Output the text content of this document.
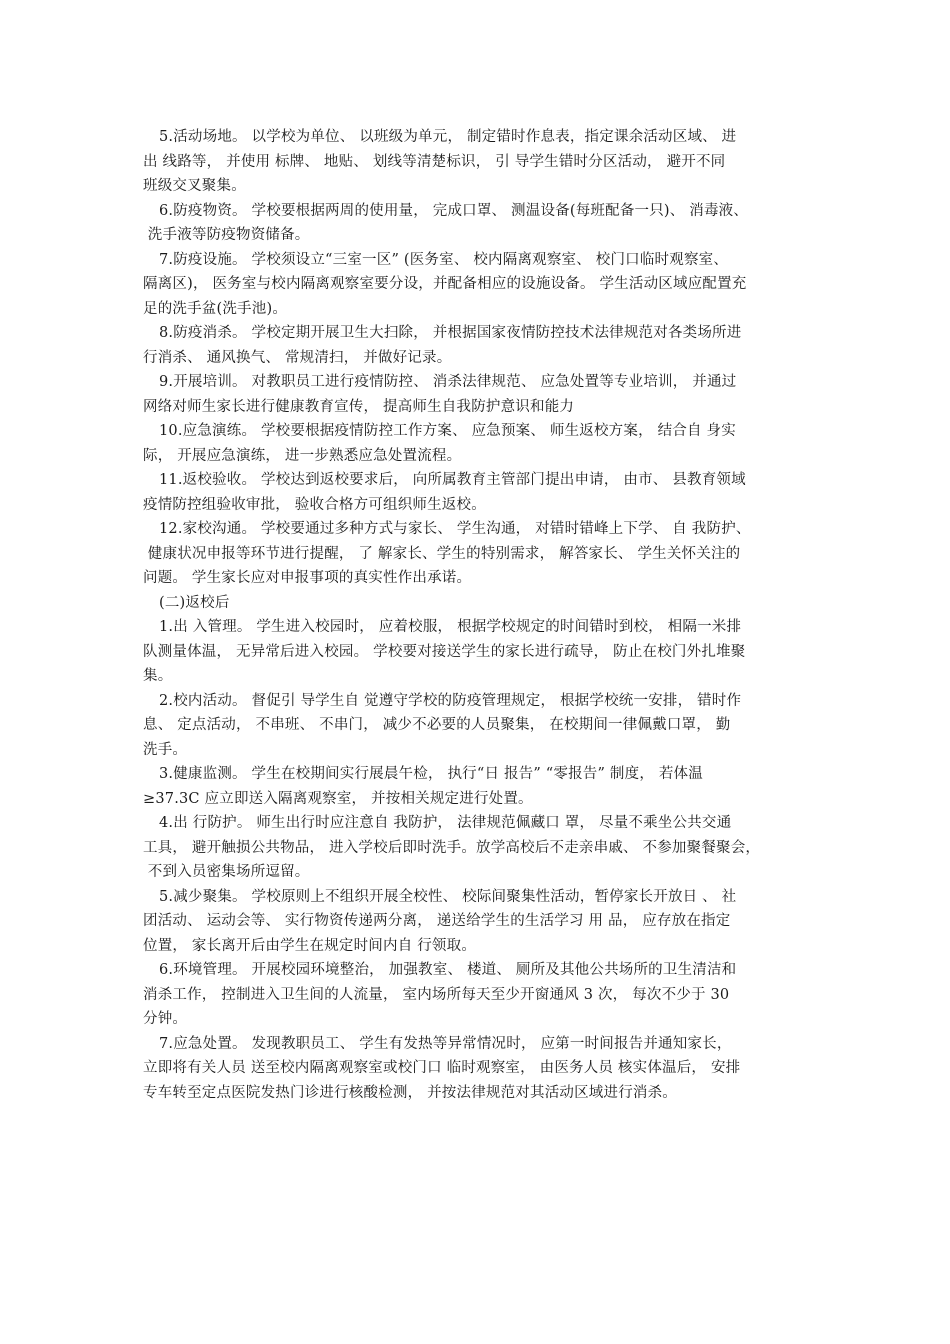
5.活动场地。 以学校为单位、 以班级为单元， 制定错时作息表，指定课余活动区域、 进
出 线路等， 并使用 标牌、 地贴、 划线等清楚标识， 引 导学生错时分区活动， 避开不同
班级交叉聚集。
6.防疫物资。 学校要根据两周的使用量， 完成口罩、 测温设备(每班配备一只)、 消毒液、
洗手液等防疫物资储备。
7.防疫设施。 学校须设立“三室一区” (医务室、 校内隔离观察室、 校门口临时观察室、
隔离区)， 医务室与校内隔离观察室要分设，并配备相应的设施设备。 学生活动区域应配置充
足的洗手盆(洗手池)。
8.防疫消杀。 学校定期开展卫生大扫除， 并根据国家夜情防控技术法律规范对各类场所进
行消杀、 通风换气、 常规清扫， 并做好记录。
9.开展培训。 对教职员工进行疫情防控、 消杀法律规范、 应急处置等专业培训， 并通过
网络对师生家长进行健康教育宣传， 提高师生自我防护意识和能力
10.应急演练。 学校要根据疫情防控工作方案、 应急预案、 师生返校方案， 结合自 身实
际， 开展应急演练， 进一步熟悉应急处置流程。
11.返校验收。 学校达到返校要求后， 向所属教育主管部门提出申请， 由市、 县教育领域
疫情防控组验收审批， 验收合格方可组织师生返校。
12.家校沟通。 学校要通过多种方式与家长、 学生沟通， 对错时错峰上下学、 自 我防护、
健康状况申报等环节进行提醒， 了 解家长、学生的特别需求， 解答家长、 学生关怀关注的
问题。 学生家长应对申报事项的真实性作出承诺。
(二)返校后
1.出 入管理。 学生进入校园时， 应着校服， 根据学校规定的时间错时到校， 相隔一米排
队测量体温， 无异常后进入校园。 学校要对接送学生的家长进行疏导， 防止在校门外扎堆聚
集。
2.校内活动。 督促引 导学生自 觉遵守学校的防疫管理规定， 根据学校统一安排， 错时作
息、 定点活动， 不串班、 不串门， 减少不必要的人员聚集， 在校期间一律佩戴口罩， 勤
洗手。
3.健康监测。 学生在校期间实行展晨午检， 执行“日 报告” “零报告” 制度， 若体温
≥37.3C 应立即送入隔离观察室， 并按相关规定进行处置。
4.出 行防护。 师生出行时应注意自 我防护， 法律规范佩藏口 罩， 尽量不乘坐公共交通
工具， 避开触损公共物品， 进入学校后即时洗手。放学高校后不走亲串戚、 不参加聚餐聚会，
不到入员密集场所逗留。
5.减少聚集。 学校原则上不组织开展全校性、 校际间聚集性活动，暂停家长开放日 、 社
团活动、 运动会等、 实行物资传递两分离， 递送给学生的生活学习 用 品， 应存放在指定
位置， 家长离开后由学生在规定时间内自 行领取。
6.环境管理。 开展校园环境整治， 加强教室、 楼道、 厕所及其他公共场所的卫生清洁和
消杀工作， 控制进入卫生间的人流量， 室内场所每天至少开窗通风 3 次， 每次不少于 30
分钟。
7.应急处置。 发现教职员工、 学生有发热等异常情况时， 应第一时间报告并通知家长，
立即将有关人员 送至校内隔离观察室或校门口 临时观察室， 由医务人员 核实体温后， 安排
专车转至定点医院发热门诊进行核酸检测， 并按法律规范对其活动区域进行消杀。
